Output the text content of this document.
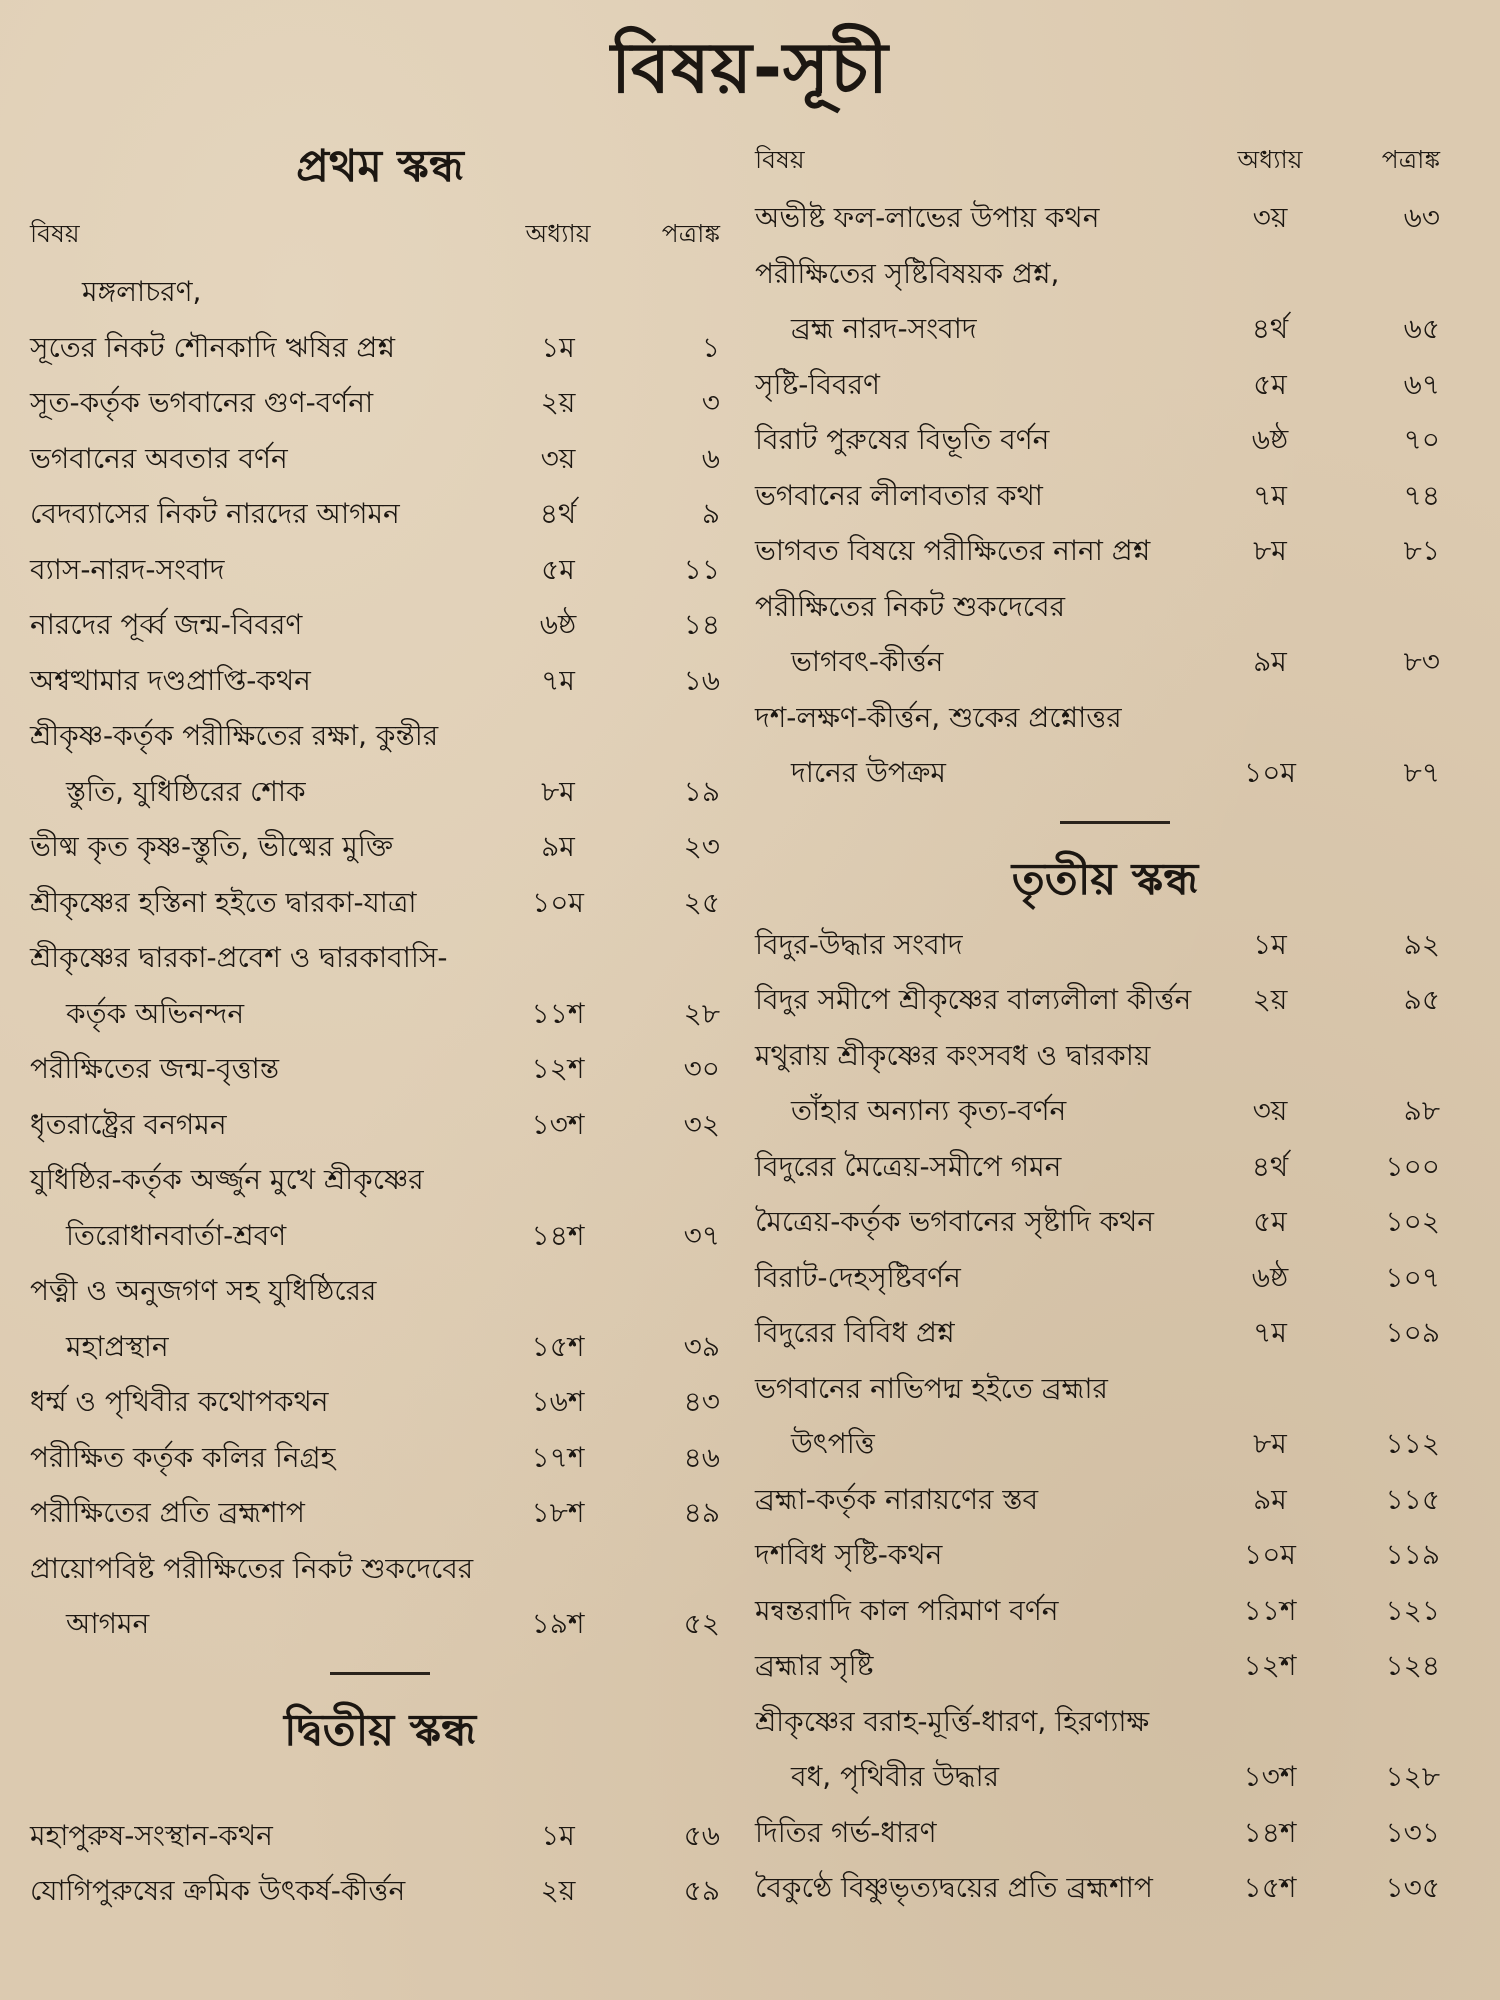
বিষয়-সূচী
প্রথম স্কন্ধ
বিষয়	অধ্যায়	পত্রাঙ্ক
মঙ্গলাচরণ,
সূতের নিকট শৌনকাদি ঋষির প্রশ্ন	১ম	১
সূত-কর্তৃক ভগবানের গুণ-বর্ণনা	২য়	৩
ভগবানের অবতার বর্ণন	৩য়	৬
বেদব্যাসের নিকট নারদের আগমন	৪র্থ	৯
ব্যাস-নারদ-সংবাদ	৫ম	১১
নারদের পূর্ব্ব জন্ম-বিবরণ	৬ষ্ঠ	১৪
অশ্বত্থামার দণ্ডপ্রাপ্তি-কথন	৭ম	১৬
শ্রীকৃষ্ণ-কর্তৃক পরীক্ষিতের রক্ষা, কুন্তীর
স্তুতি, যুধিষ্ঠিরের শোক	৮ম	১৯
ভীষ্ম কৃত কৃষ্ণ-স্তুতি, ভীষ্মের মুক্তি	৯ম	২৩
শ্রীকৃষ্ণের হস্তিনা হইতে দ্বারকা-যাত্রা	১০ম	২৫
শ্রীকৃষ্ণের দ্বারকা-প্রবেশ ও দ্বারকাবাসি-
কর্তৃক অভিনন্দন	১১শ	২৮
পরীক্ষিতের জন্ম-বৃত্তান্ত	১২শ	৩০
ধৃতরাষ্ট্রের বনগমন	১৩শ	৩২
যুধিষ্ঠির-কর্তৃক অর্জ্জুন মুখে শ্রীকৃষ্ণের
তিরোধানবার্তা-শ্রবণ	১৪শ	৩৭
পত্নী ও অনুজগণ সহ যুধিষ্ঠিরের
মহাপ্রস্থান	১৫শ	৩৯
ধর্ম্ম ও পৃথিবীর কথোপকথন	১৬শ	৪৩
পরীক্ষিত কর্তৃক কলির নিগ্রহ	১৭শ	৪৬
পরীক্ষিতের প্রতি ব্রহ্মশাপ	১৮শ	৪৯
প্রায়োপবিষ্ট পরীক্ষিতের নিকট শুকদেবের
আগমন	১৯শ	৫২
দ্বিতীয় স্কন্ধ
মহাপুরুষ-সংস্থান-কথন	১ম	৫৬
যোগিপুরুষের ক্রমিক উৎকর্ষ-কীর্ত্তন	২য়	৫৯
বিষয়	অধ্যায়	পত্রাঙ্ক
অভীষ্ট ফল-লাভের উপায় কথন	৩য়	৬৩
পরীক্ষিতের সৃষ্টিবিষয়ক প্রশ্ন,
ব্রহ্ম নারদ-সংবাদ	৪র্থ	৬৫
সৃষ্টি-বিবরণ	৫ম	৬৭
বিরাট পুরুষের বিভূতি বর্ণন	৬ষ্ঠ	৭০
ভগবানের লীলাবতার কথা	৭ম	৭৪
ভাগবত বিষয়ে পরীক্ষিতের নানা প্রশ্ন	৮ম	৮১
পরীক্ষিতের নিকট শুকদেবের
ভাগবৎ-কীর্ত্তন	৯ম	৮৩
দশ-লক্ষণ-কীর্ত্তন, শুকের প্রশ্নোত্তর
দানের উপক্রম	১০ম	৮৭
তৃতীয় স্কন্ধ
বিদুর-উদ্ধার সংবাদ	১ম	৯২
বিদুর সমীপে শ্রীকৃষ্ণের বাল্যলীলা কীর্ত্তন	২য়	৯৫
মথুরায় শ্রীকৃষ্ণের কংসবধ ও দ্বারকায়
তাঁহার অন্যান্য কৃত্য-বর্ণন	৩য়	৯৮
বিদুরের মৈত্রেয়-সমীপে গমন	৪র্থ	১০০
মৈত্রেয়-কর্তৃক ভগবানের সৃষ্টাদি কথন	৫ম	১০২
বিরাট-দেহসৃষ্টিবর্ণন	৬ষ্ঠ	১০৭
বিদুরের বিবিধ প্রশ্ন	৭ম	১০৯
ভগবানের নাভিপদ্ম হইতে ব্রহ্মার
উৎপত্তি	৮ম	১১২
ব্রহ্মা-কর্তৃক নারায়ণের স্তব	৯ম	১১৫
দশবিধ সৃষ্টি-কথন	১০ম	১১৯
মন্বন্তরাদি কাল পরিমাণ বর্ণন	১১শ	১২১
ব্রহ্মার সৃষ্টি	১২শ	১২৪
শ্রীকৃষ্ণের বরাহ-মূর্ত্তি-ধারণ, হিরণ্যাক্ষ
বধ, পৃথিবীর উদ্ধার	১৩শ	১২৮
দিতির গর্ভ-ধারণ	১৪শ	১৩১
বৈকুণ্ঠে বিষ্ণুভৃত্যদ্বয়ের প্রতি ব্রহ্মশাপ	১৫শ	১৩৫
